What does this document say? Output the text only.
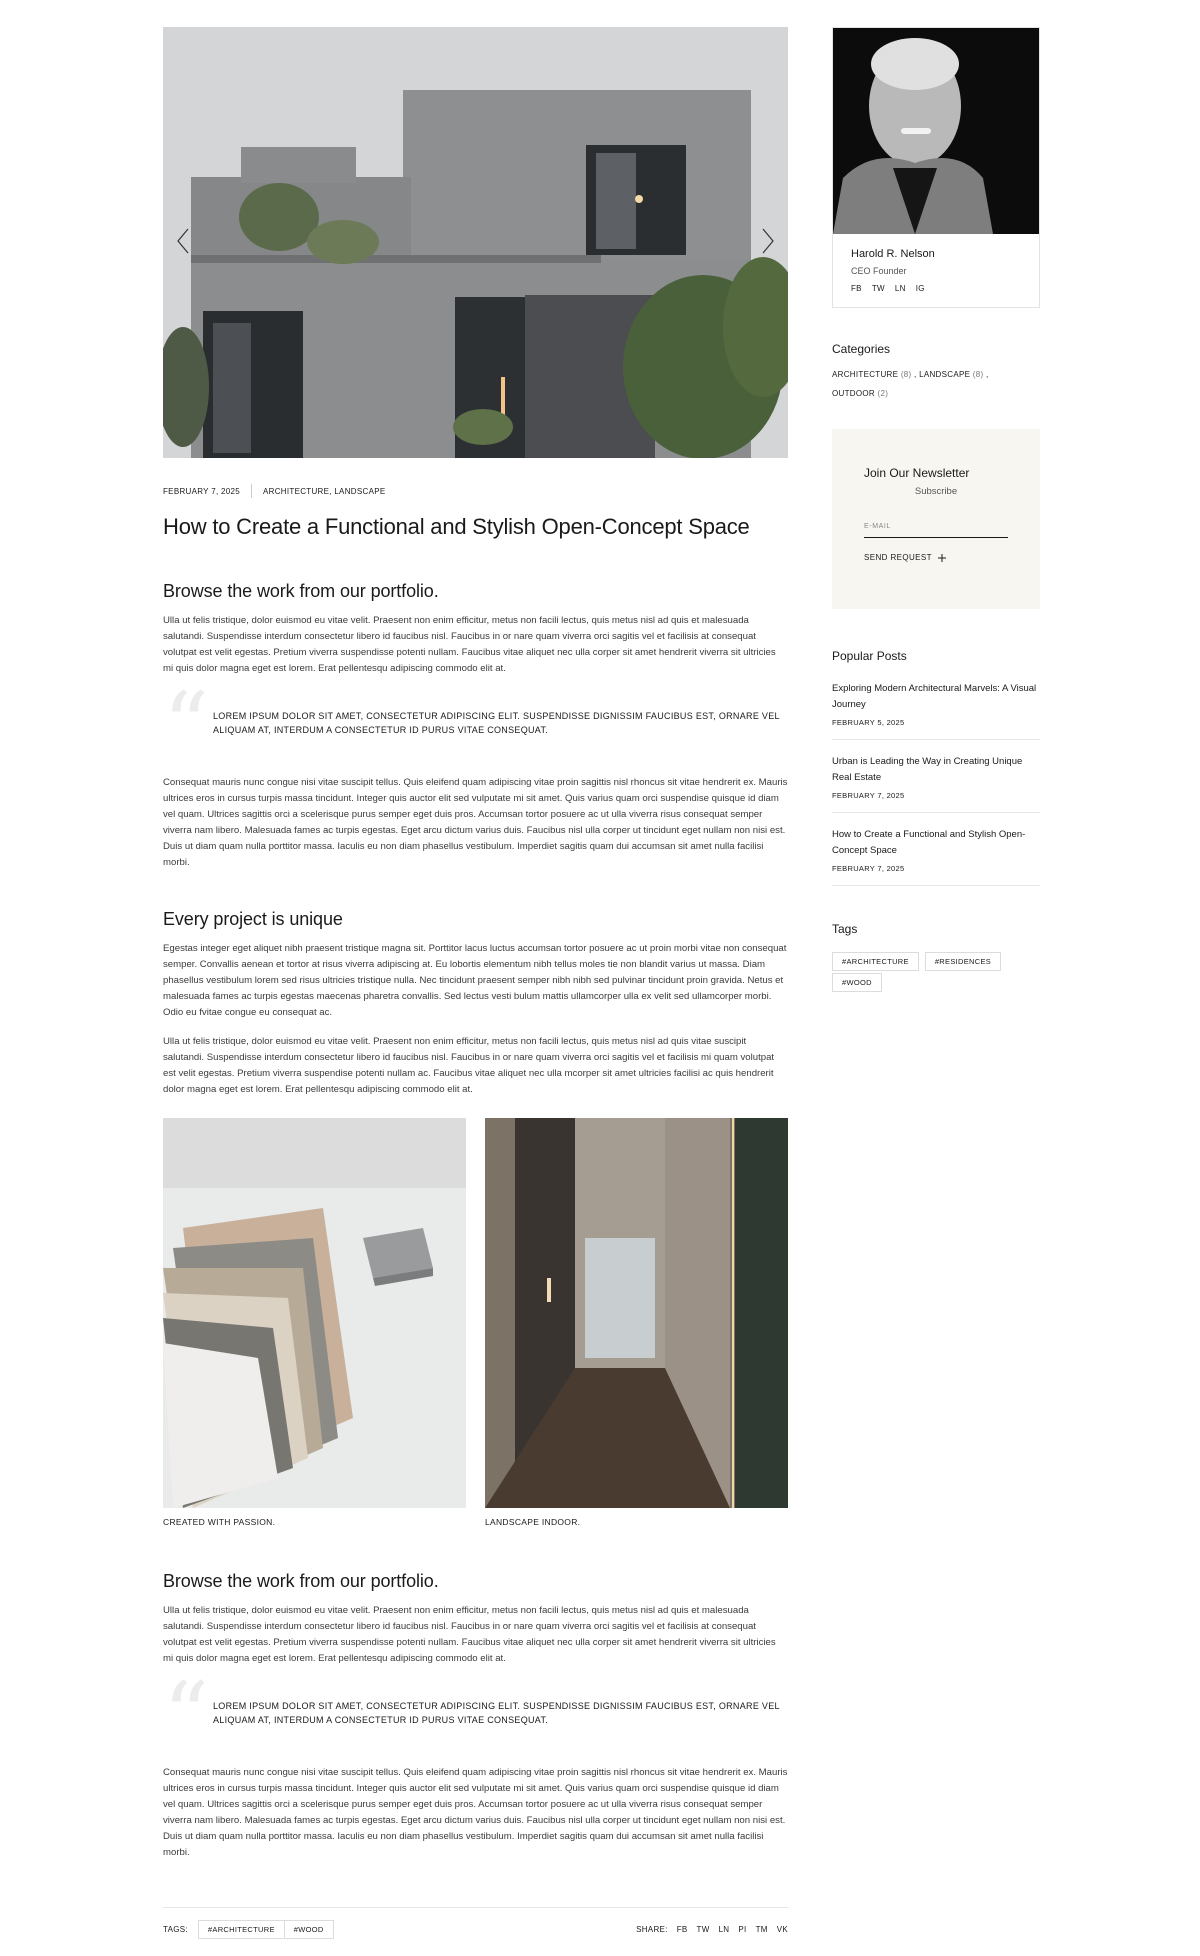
FEBRUARY 7, 2025	ARCHITECTURE, LANDSCAPE
How to Create a Functional and Stylish Open-Concept Space
Browse the work from our portfolio.

Ulla ut felis tristique, dolor euismod eu vitae velit. Praesent non enim efficitur, metus non facili lectus, quis metus nisl ad quis et malesuada salutandi. Suspendisse interdum consectetur libero id faucibus nisl. Faucibus in or nare quam viverra orci sagitis vel et facilisis at consequat volutpat est velit egestas. Pretium viverra suspendisse potenti nullam. Faucibus vitae aliquet nec ulla corper sit amet hendrerit viverra sit ultricies mi quis dolor magna eget est lorem. Erat pellentesqu adipiscing commodo elit at.

“ LOREM IPSUM DOLOR SIT AMET, CONSECTETUR ADIPISCING ELIT. SUSPENDISSE DIGNISSIM FAUCIBUS EST, ORNARE VEL ALIQUAM AT, INTERDUM A CONSECTETUR ID PURUS VITAE CONSEQUAT.

Consequat mauris nunc congue nisi vitae suscipit tellus. Quis eleifend quam adipiscing vitae proin sagittis nisl rhoncus sit vitae hendrerit ex. Mauris ultrices eros in cursus turpis massa tincidunt. Integer quis auctor elit sed vulputate mi sit amet. Quis varius quam orci suspendise quisque id diam vel quam. Ultrices sagittis orci a scelerisque purus semper eget duis pros. Accumsan tortor posuere ac ut ulla viverra risus consequat semper viverra nam libero. Malesuada fames ac turpis egestas. Eget arcu dictum varius duis. Faucibus nisl ulla corper ut tincidunt eget nullam non nisi est. Duis ut diam quam nulla porttitor massa. Iaculis eu non diam phasellus vestibulum. Imperdiet sagitis quam dui accumsan sit amet nulla facilisi morbi.

Every project is unique

Egestas integer eget aliquet nibh praesent tristique magna sit. Porttitor lacus luctus accumsan tortor posuere ac ut proin morbi vitae non consequat semper. Convallis aenean et tortor at risus viverra adipiscing at. Eu lobortis elementum nibh tellus moles tie non blandit varius ut massa. Diam phasellus vestibulum lorem sed risus ultricies tristique nulla. Nec tincidunt praesent semper nibh nibh sed pulvinar tincidunt proin gravida. Netus et malesuada fames ac turpis egestas maecenas pharetra convallis. Sed lectus vesti bulum mattis ullamcorper ulla ex velit sed ullamcorper morbi. Odio eu fvitae congue eu consequat ac.

Ulla ut felis tristique, dolor euismod eu vitae velit. Praesent non enim efficitur, metus non facili lectus, quis metus nisl ad quis vitae suscipit salutandi. Suspendisse interdum consectetur libero id faucibus nisl. Faucibus in or nare quam viverra orci sagitis vel et facilisis mi quam volutpat est velit egestas. Pretium viverra suspendise potenti nullam ac. Faucibus vitae aliquet nec ulla mcorper sit amet ultricies facilisi ac quis hendrerit dolor magna eget est lorem. Erat pellentesqu adipiscing commodo elit at.

CREATED WITH PASSION.	LANDSCAPE INDOOR.
Browse the work from our portfolio.

Ulla ut felis tristique, dolor euismod eu vitae velit. Praesent non enim efficitur, metus non facili lectus, quis metus nisl ad quis et malesuada salutandi. Suspendisse interdum consectetur libero id faucibus nisl. Faucibus in or nare quam viverra orci sagitis vel et facilisis at consequat volutpat est velit egestas. Pretium viverra suspendisse potenti nullam. Faucibus vitae aliquet nec ulla corper sit amet hendrerit viverra sit ultricies mi quis dolor magna eget est lorem. Erat pellentesqu adipiscing commodo elit at.

“ LOREM IPSUM DOLOR SIT AMET, CONSECTETUR ADIPISCING ELIT. SUSPENDISSE DIGNISSIM FAUCIBUS EST, ORNARE VEL ALIQUAM AT, INTERDUM A CONSECTETUR ID PURUS VITAE CONSEQUAT.

Consequat mauris nunc congue nisi vitae suscipit tellus. Quis eleifend quam adipiscing vitae proin sagittis nisl rhoncus sit vitae hendrerit ex. Mauris ultrices eros in cursus turpis massa tincidunt. Integer quis auctor elit sed vulputate mi sit amet. Quis varius quam orci suspendise quisque id diam vel quam. Ultrices sagittis orci a scelerisque purus semper eget duis pros. Accumsan tortor posuere ac ut ulla viverra risus consequat semper viverra nam libero. Malesuada fames ac turpis egestas. Eget arcu dictum varius duis. Faucibus nisl ulla corper ut tincidunt eget nullam non nisi est. Duis ut diam quam nulla porttitor massa. Iaculis eu non diam phasellus vestibulum. Imperdiet sagitis quam dui accumsan sit amet nulla facilisi morbi.

TAGS:	#ARCHITECTURE	#WOOD	SHARE: FB TW LN PI TM VK
Harold R. Nelson
CEO Founder
FB TW LN IG
Categories
ARCHITECTURE (8) , LANDSCAPE (8) ,
OUTDOOR (2)
Join Our Newsletter
Subscribe
E-MAIL
SEND REQUEST
Popular Posts
Exploring Modern Architectural Marvels: A Visual Journey
FEBRUARY 5, 2025
Urban is Leading the Way in Creating Unique Real Estate
FEBRUARY 7, 2025
How to Create a Functional and Stylish Open-Concept Space
FEBRUARY 7, 2025
Tags
#ARCHITECTURE	#RESIDENCES
#WOOD
